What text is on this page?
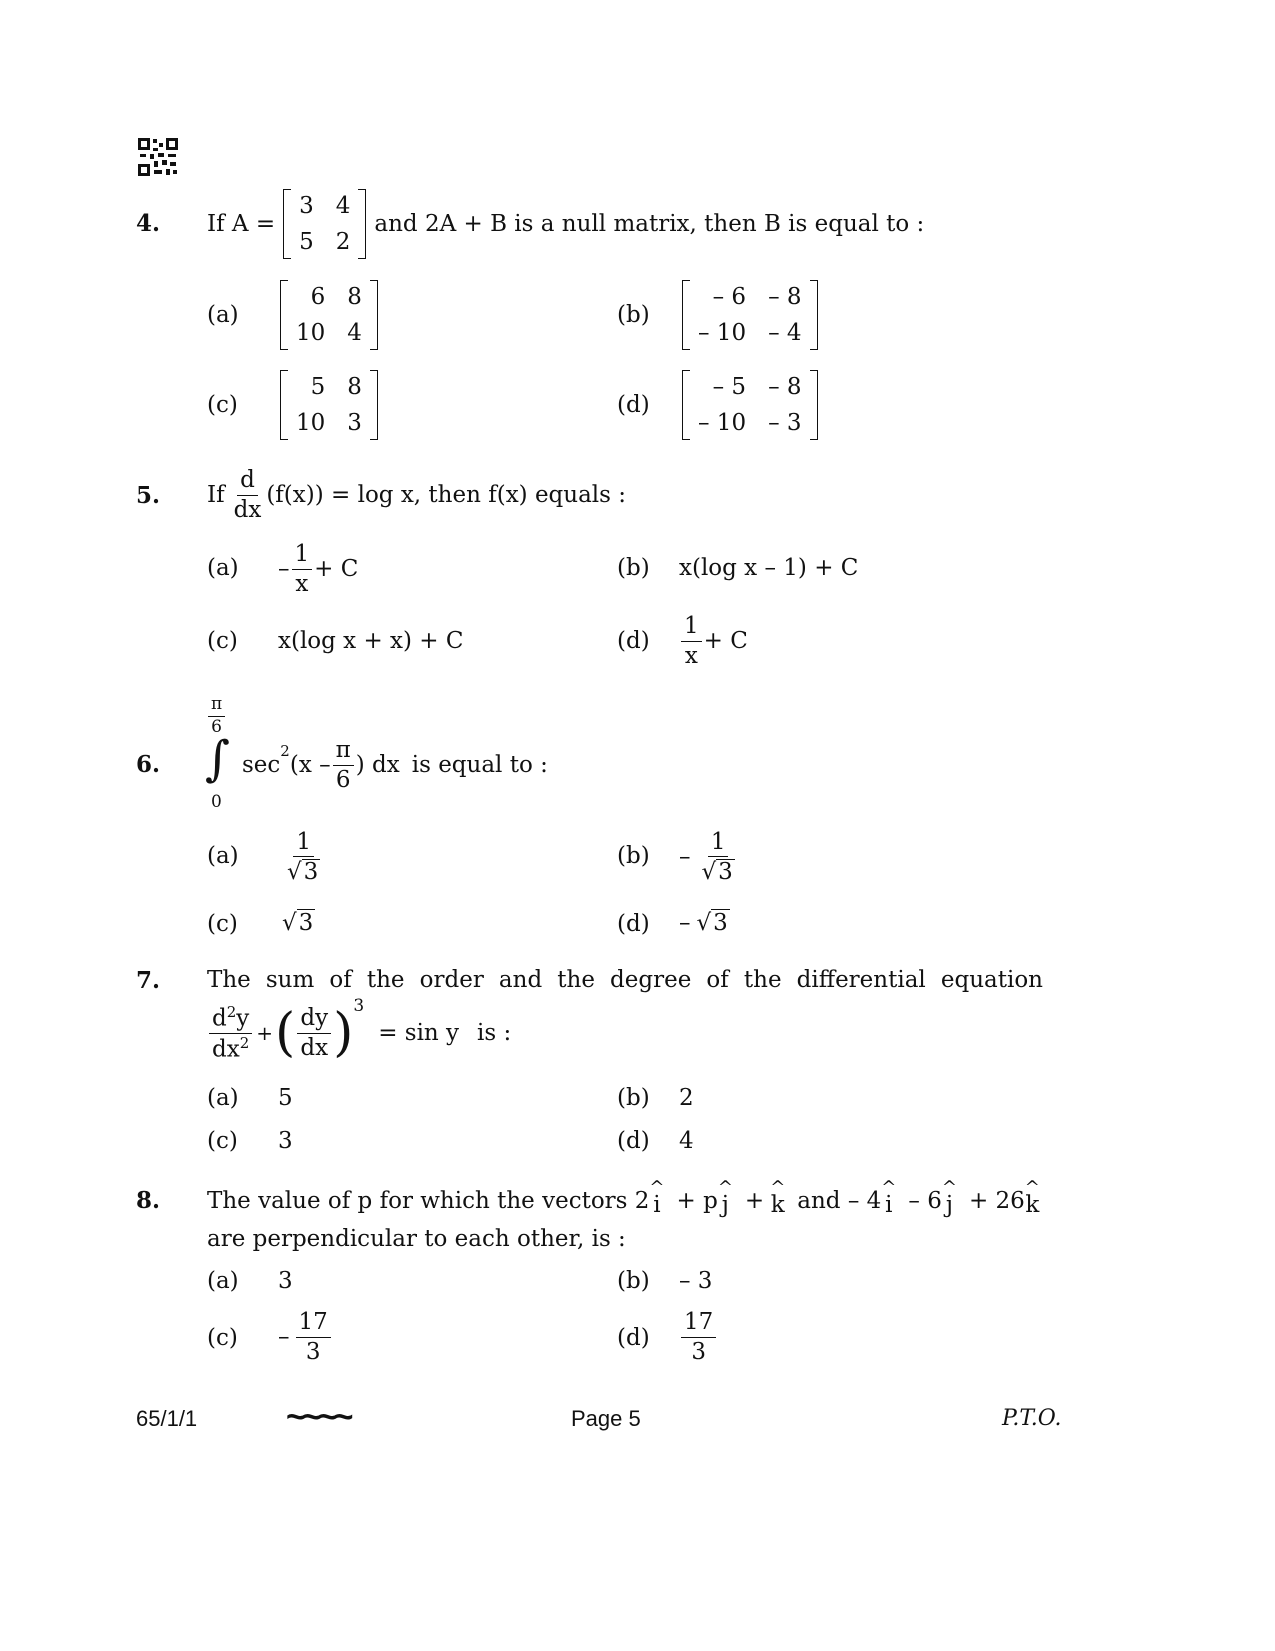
4. If A =
3 4
5 2
and 2A + B is a null matrix, then B is equal to :
(a)
6 8
10 4
(b)
– 6 – 8
– 10 – 4
(c)
5 8
10 3
(d)
– 5 – 8
– 10 – 3
5. If $\frac{d}{dx} (f(x)) = \log x$, then f(x) equals :
$(a) - \frac{1}{x} + C$	(b) x(log x – 1) + C
(c) x(log x + x) + C	$(d) \frac{1}{x} + C$
6.
$\frac{\pi}{6}$
∫
0
sec
$^2$
($x - \frac{\pi}{6}$ ) dx is equal to :
$(a) \frac{1}{√ 3}$	$(b) - \frac{1}{√ 3}$
(c) √ 3	(d) – √ 3
7. The sum of the order and the degree of the differential equation
$\frac{d^2y}{dx^2}$ + ( $\frac{dy}{dx} )^3$
= sin y is :
(a) 5	(b) 2
(c) 3	(d) 4
8. The value of p for which the vectors 2
^
i + p
^
j +
^
k and – 4
^
i – 6
^
j + 26
^
k
are perpendicular to each other, is :
(a) 3	(b) – 3
$(c) - \frac{17}{3}$	$(d) \frac{17}{3}$
65/1/1	~~~~	Page 5	P.T.O.
